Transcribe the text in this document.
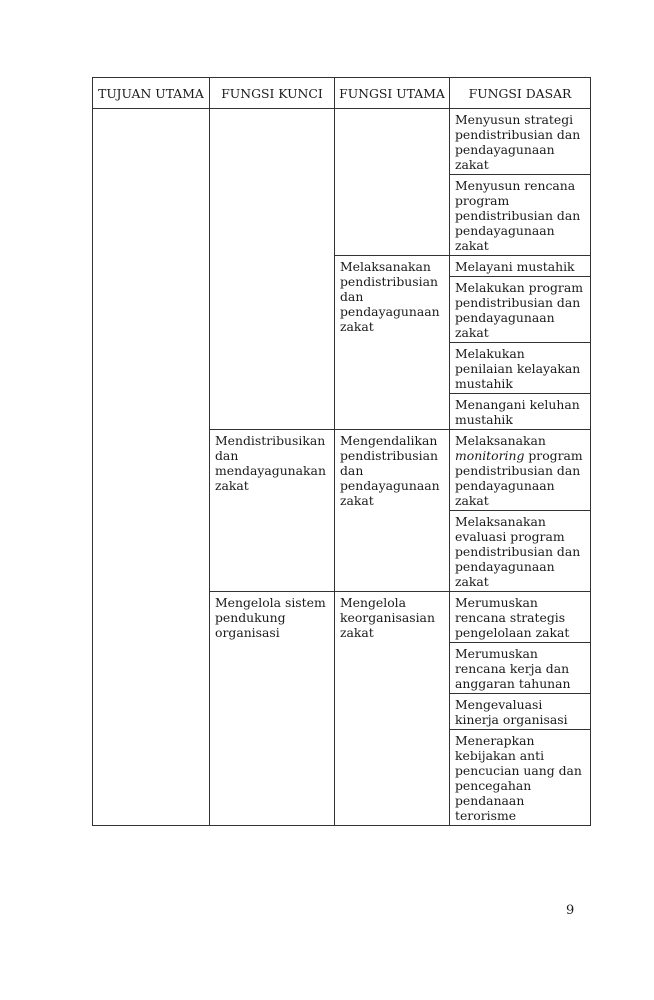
TUJUAN UTAMA	FUNGSI KUNCI	FUNGSI UTAMA	FUNGSI DASAR
			Menyusun strategi pendistribusian dan pendayagunaan zakat
			Menyusun rencana program pendistribusian dan pendayagunaan zakat
		Melaksanakan pendistribusian dan pendayagunaan zakat	Melayani mustahik
			Melakukan program pendistribusian dan pendayagunaan zakat
			Melakukan penilaian kelayakan mustahik
			Menangani keluhan mustahik
	Mendistribusikan dan mendayagunakan zakat	Mengendalikan pendistribusian dan pendayagunaan zakat	Melaksanakan monitoring program pendistribusian dan pendayagunaan zakat
			Melaksanakan evaluasi program pendistribusian dan pendayagunaan zakat
	Mengelola sistem pendukung organisasi	Mengelola keorganisasian zakat	Merumuskan rencana strategis pengelolaan zakat
			Merumuskan rencana kerja dan anggaran tahunan
			Mengevaluasi kinerja organisasi
			Menerapkan kebijakan anti pencucian uang dan pencegahan pendanaan terorisme
9
